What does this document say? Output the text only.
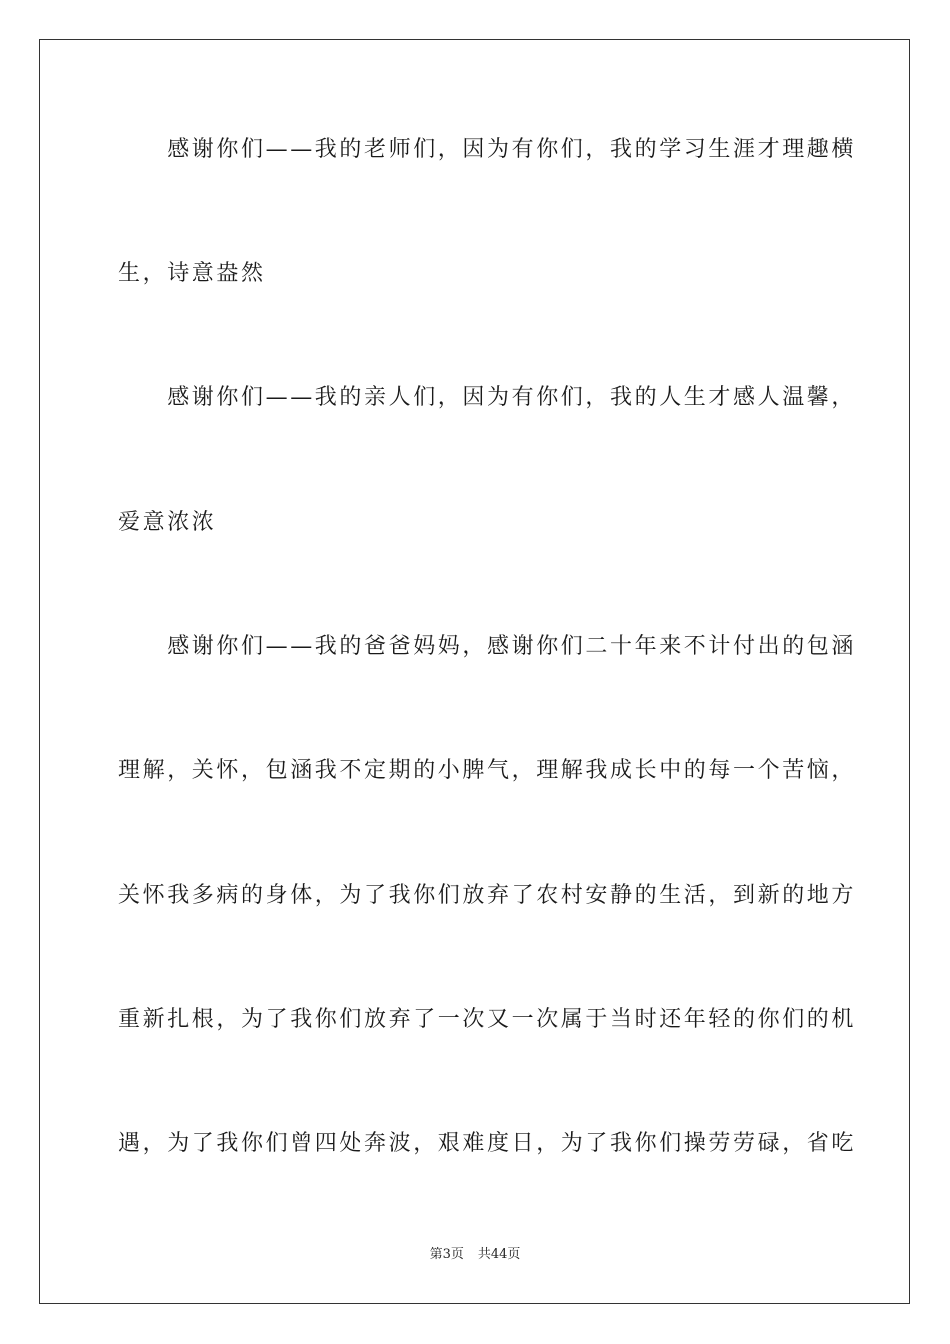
　　感谢你们——我的老师们，因为有你们，我的学习生涯才理趣横
生，诗意盎然
　　感谢你们——我的亲人们，因为有你们，我的人生才感人温馨，
爱意浓浓
　　感谢你们——我的爸爸妈妈，感谢你们二十年来不计付出的包涵
理解，关怀，包涵我不定期的小脾气，理解我成长中的每一个苦恼，
关怀我多病的身体，为了我你们放弃了农村安静的生活，到新的地方
重新扎根，为了我你们放弃了一次又一次属于当时还年轻的你们的机
遇，为了我你们曾四处奔波，艰难度日，为了我你们操劳劳碌，省吃
第3页 共44页
